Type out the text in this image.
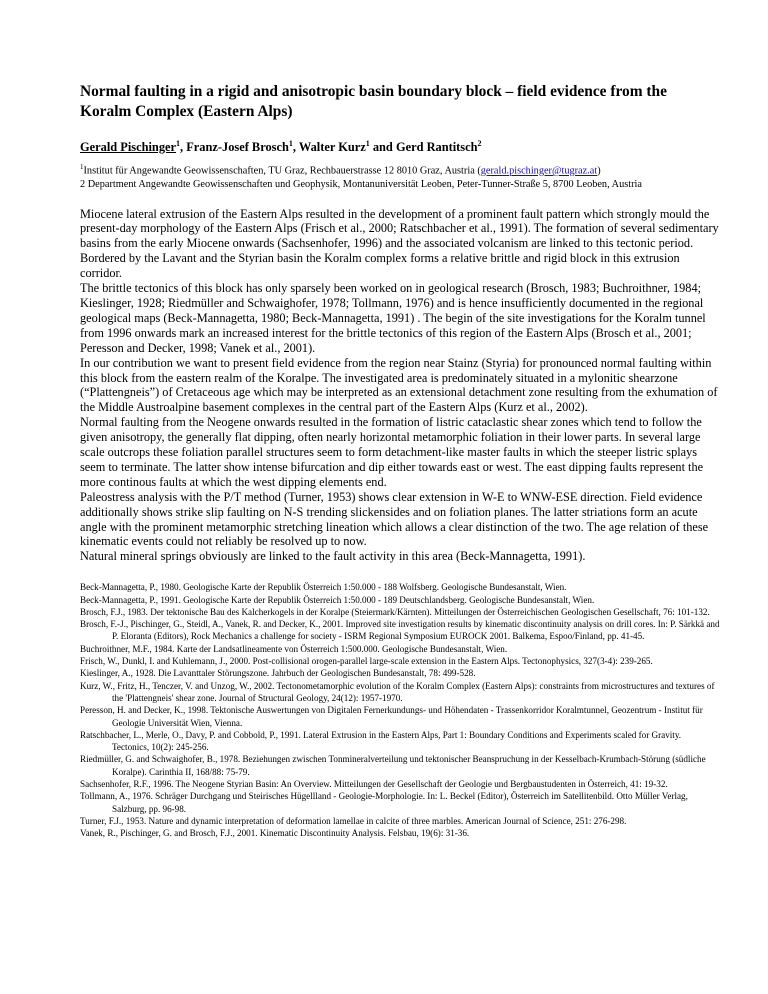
Normal faulting in a rigid and anisotropic basin boundary block – field evidence from the Koralm Complex (Eastern Alps)
Gerald Pischinger$^1$, Franz-Josef Brosch$^1$, Walter Kurz$^1$ and Gerd Rantitsch$^2$
$^1$Institut für Angewandte Geowissenschaften, TU Graz, Rechbauerstrasse 12 8010 Graz, Austria (gerald.pischinger@tugraz.at)
2 Department Angewandte Geowissenschaften und Geophysik, Montanuniversität Leoben, Peter-Tunner-Straße 5, 8700 Leoben, Austria

Miocene lateral extrusion of the Eastern Alps resulted in the development of a prominent fault pattern which strongly mould the present-day morphology of the Eastern Alps (Frisch et al., 2000; Ratschbacher et al., 1991). The formation of several sedimentary basins from the early Miocene onwards (Sachsenhofer, 1996) and the associated volcanism are linked to this tectonic period. Bordered by the Lavant and the Styrian basin the Koralm complex forms a relative brittle and rigid block in this extrusion corridor.

The brittle tectonics of this block has only sparsely been worked on in geological research (Brosch, 1983; Buchroithner, 1984; Kieslinger, 1928; Riedmüller and Schwaighofer, 1978; Tollmann, 1976) and is hence insufficiently documented in the regional geological maps (Beck-Mannagetta, 1980; Beck-Mannagetta, 1991) . The begin of the site investigations for the Koralm tunnel from 1996 onwards mark an increased interest for the brittle tectonics of this region of the Eastern Alps (Brosch et al., 2001; Peresson and Decker, 1998; Vanek et al., 2001).

In our contribution we want to present field evidence from the region near Stainz (Styria) for pronounced normal faulting within this block from the eastern realm of the Koralpe. The investigated area is predominately situated in a mylonitic shearzone (“Plattengneis”) of Cretaceous age which may be interpreted as an extensional detachment zone resulting from the exhumation of the Middle Austroalpine basement complexes in the central part of the Eastern Alps (Kurz et al., 2002).

Normal faulting from the Neogene onwards resulted in the formation of listric cataclastic shear zones which tend to follow the given anisotropy, the generally flat dipping, often nearly horizontal metamorphic foliation in their lower parts. In several large scale outcrops these foliation parallel structures seem to form detachment-like master faults in which the steeper listric splays seem to terminate. The latter show intense bifurcation and dip either towards east or west. The east dipping faults represent the more continous faults at which the west dipping elements end.

Paleostress analysis with the P/T method (Turner, 1953) shows clear extension in W-E to WNW-ESE direction. Field evidence additionally shows strike slip faulting on N-S trending slickensides and on foliation planes. The latter striations form an acute angle with the prominent metamorphic stretching lineation which allows a clear distinction of the two. The age relation of these kinematic events could not reliably be resolved up to now.

Natural mineral springs obviously are linked to the fault activity in this area (Beck-Mannagetta, 1991).

Beck-Mannagetta, P., 1980. Geologische Karte der Republik Österreich 1:50.000 - 188 Wolfsberg. Geologische Bundesanstalt, Wien.
Beck-Mannagetta, P., 1991. Geologische Karte der Republik Österreich 1:50.000 - 189 Deutschlandsberg. Geologische Bundesanstalt, Wien.
Brosch, F.J., 1983. Der tektonische Bau des Kalcherkogels in der Koralpe (Steiermark/Kärnten). Mitteilungen der Österreichischen Geologischen Gesellschaft, 76: 101-132.
Brosch, F.-J., Pischinger, G., Steidl, A., Vanek, R. and Decker, K., 2001. Improved site investigation results by kinematic discontinuity analysis on drill cores. In: P. Särkkä and P. Eloranta (Editors), Rock Mechanics a challenge for society - ISRM Regional Symposium EUROCK 2001. Balkema, Espoo/Finland, pp. 41-45.
Buchroithner, M.F., 1984. Karte der Landsatlineamente von Österreich 1:500.000. Geologische Bundesanstalt, Wien.
Frisch, W., Dunkl, I. and Kuhlemann, J., 2000. Post-collisional orogen-parallel large-scale extension in the Eastern Alps. Tectonophysics, 327(3-4): 239-265.
Kieslinger, A., 1928. Die Lavanttaler Störungszone. Jahrbuch der Geologischen Bundesanstalt, 78: 499-528.
Kurz, W., Fritz, H., Tenczer, V. and Unzog, W., 2002. Tectonometamorphic evolution of the Koralm Complex (Eastern Alps): constraints from microstructures and textures of the 'Plattengneis' shear zone. Journal of Structural Geology, 24(12): 1957-1970.
Peresson, H. and Decker, K., 1998. Tektonische Auswertungen von Digitalen Fernerkundungs- und Höhendaten - Trassenkorridor Koralmtunnel, Geozentrum - Institut für Geologie Universität Wien, Vienna.
Ratschbacher, L., Merle, O., Davy, P. and Cobbold, P., 1991. Lateral Extrusion in the Eastern Alps, Part 1: Boundary Conditions and Experiments scaled for Gravity. Tectonics, 10(2): 245-256.
Riedmüller, G. and Schwaighofer, B., 1978. Beziehungen zwischen Tonmineralverteilung und tektonischer Beanspruchung in der Kesselbach-Krumbach-Störung (südliche Koralpe). Carinthia II, 168/88: 75-79.
Sachsenhofer, R.F., 1996. The Neogene Styrian Basin: An Overview. Mitteilungen der Gesellschaft der Geologie und Bergbaustudenten in Österreich, 41: 19-32.
Tollmann, A., 1976. Schräger Durchgang und Steirisches Hügellland - Geologie-Morphologie. In: L. Beckel (Editor), Österreich im Satellitenbild. Otto Müller Verlag, Salzburg, pp. 96-98.
Turner, F.J., 1953. Nature and dynamic interpretation of deformation lamellae in calcite of three marbles. American Journal of Science, 251: 276-298.
Vanek, R., Pischinger, G. and Brosch, F.J., 2001. Kinematic Discontinuity Analysis. Felsbau, 19(6): 31-36.
